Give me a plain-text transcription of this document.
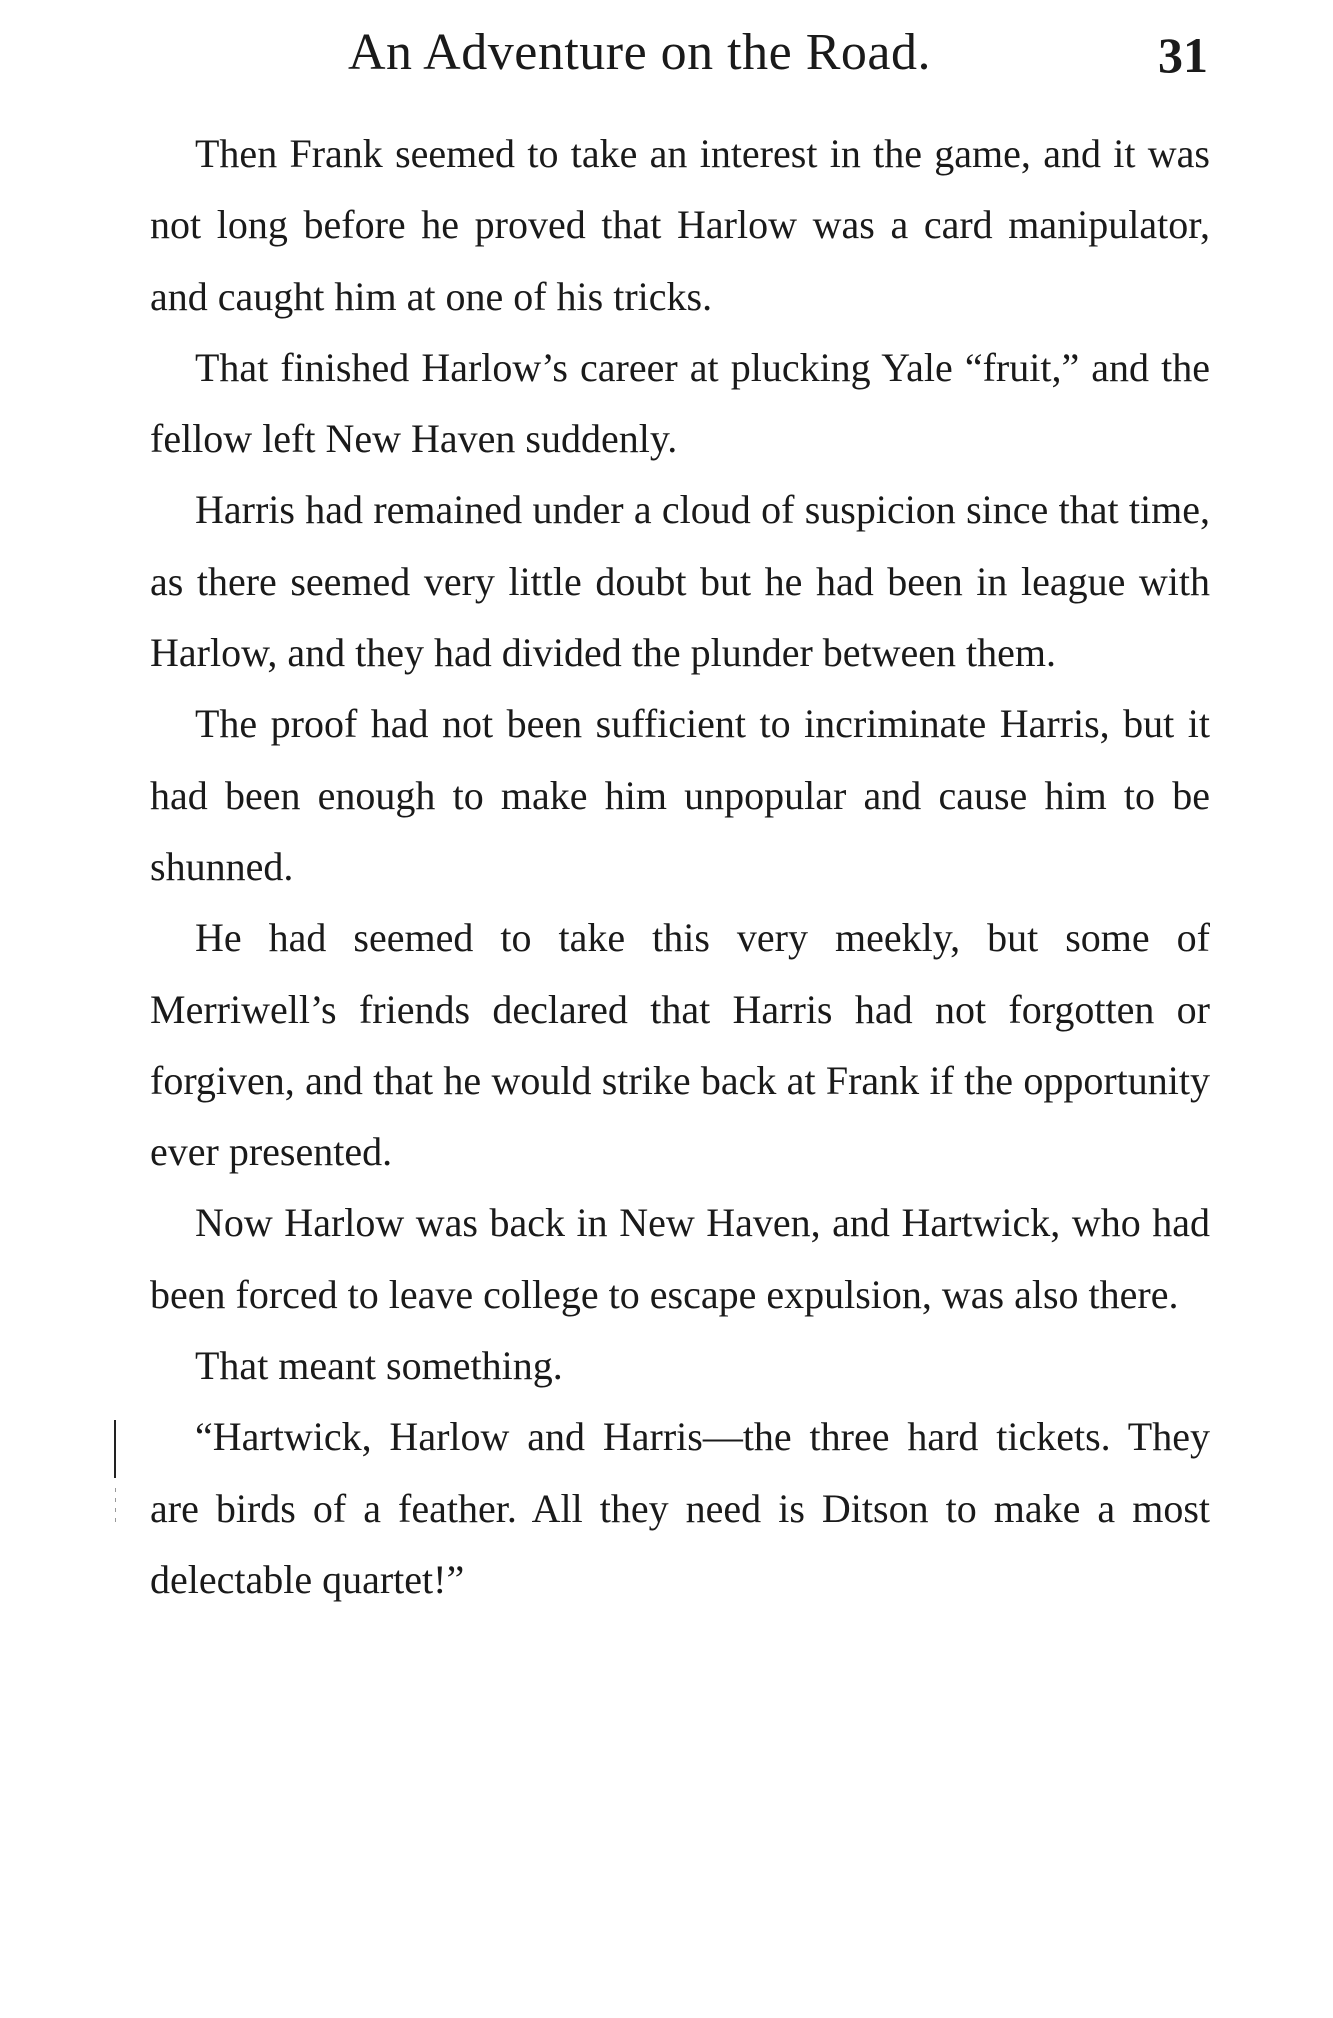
An Adventure on the Road.	31

Then Frank seemed to take an interest in the game, and it was not long before he proved that Harlow was a card manipulator, and caught him at one of his tricks.

That finished Harlow’s career at plucking Yale “fruit,” and the fellow left New Haven suddenly.

Harris had remained under a cloud of suspicion since that time, as there seemed very little doubt but he had been in league with Harlow, and they had divided the plunder between them.

The proof had not been sufficient to incriminate Harris, but it had been enough to make him unpopular and cause him to be shunned.

He had seemed to take this very meekly, but some of Merriwell’s friends declared that Harris had not forgotten or forgiven, and that he would strike back at Frank if the opportunity ever presented.

Now Harlow was back in New Haven, and Hartwick, who had been forced to leave college to escape expulsion, was also there.

That meant something.

“Hartwick, Harlow and Harris—the three hard tickets. They are birds of a feather. All they need is Ditson to make a most delectable quartet!”
